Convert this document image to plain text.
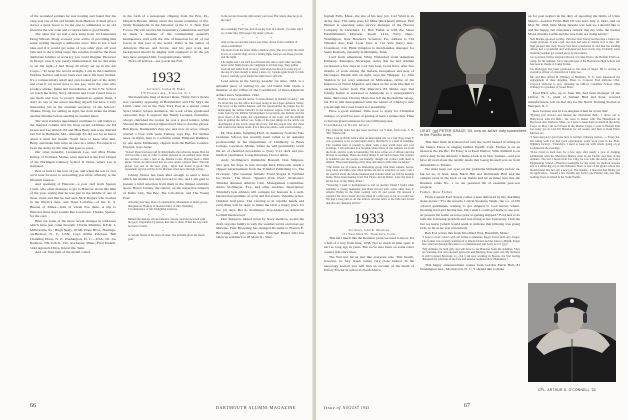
of the wounded soldiers he was treating and found that the chap was one of his old friends from Hudson. It must give a doctor a great boost to be the one to administer to an old friend in the war zone and to restore him to good health.

The other day we had a nice letter from 1st Lieutenant Doug Wilson. Doug accused your scribe of providing him some writing through a deliberate error. This is not a bad idea and if it would get some of you other guys off your tails and to the writing stage this column would be the most deliberate falsifier of accuracy you could imagine. However in Doug's case it was purely unintentional, but he did write to set me right—I had Doug all nicely set up in the Air Corps—"To keep the record straight, I am in the Chemical Warfare Service and have been ever since I'm been drafted. It's a comparatively small and over-looked part of the Army and even if we never have to use gas, we're the ones who produce smoke, flame and incendiaries. At the C.W. School we teach the Army, Navy, Marines and Coast Guard how to use them and how to protect themselves against them. I don't do any of the actual teaching myself but have a very interesting job as the assistant secretary of the School." Thanks, Doug, for setting us right, but don't make me make another mistake before sending us another letter.

The vital statistics department continues to add names to the married column and the most recent additions are Ed Green and Lee Abbott. Ed and Miss Betty Ash were married last fall in Bethesda, Md., although Ed did not let us know about it until last month. You'll have to keep after him, Betty, and make him write us once in a while. Ed expects to be in the Army by the time this goes to press.

Our other benedict, Lieutenant Lee, and Miss Elaine Kelley, of Portland, Maine, were married at the Post Chapel of the Harlingen Gunnery School in Texas, where Lee is stationed.

Best of luck to the four of you, and when the war is over we'll look forward to welcoming you more officially at the fifteenth reunion.

And speaking of Hanover—a post card from Spence Crum, who often manages to get to Hanover about this time of the year, saying that he was just in the middle of one of those visits and that he had seen Nick Rogers who teaches in the Physics dept. and Dave Larrabee—of the U. S. Bureau of Mines—both of whom live there. A trip to Hanover these days sounds like a real treat. Thanks, Spence, for the card.

Here are some of the more recent changes in addresses which have just come through: Charlie Mumma, R.F.D. 1, Millersville, Pa.; Hugh Neely, 20 Mt. Hope Blvd., Hastings-on-Hudson, N. Y., USN; Capt. Rollie Peterson, 800 Channing Place, N. E. Washington, D. C.—USA; Dr. Joe Rushton, 709-11th St. SW., Rochester, Minn.; Fred Tenbell, 1442 Agawela Drive, Knoxville, Tenn.

And our final item of the month comes

in the form of a newspaper clipping from the Erie, Pa., Dispatch-Herald, telling about the recent renaming of Pvt. Wally Rauterkohn in the historian of the U. S. Near East Forces. He will receive his lieutenant's commission and will be made a member of the commanding general's headquarters staff with the title of historian for all of our forces in that part of the world. Wally is the author of American Heroes and Savior, and his past work and background should be mighty well equipped to do the job they have assigned him. Congratulations, Wally.

That's all fellows—see you in the Fall.

1932
Secretary, Carlos H. Baker
178 Prospect Ave., Princeton, N. J.

The handsome mug of Robert Ryan, Thirty-Two's movie star, currently appearing in Bombardier and The Sky's the Limit, came out in the New York Post in a spread called Sport Slants: Screen Audience, the work of the syndicated cartoonist, Pap. It appears that Benny Leonard, fisticuffer, always cherished the notion he was a good tennist, while Vincent Richards always figured he'd like to don the gloves. Bob Ryan, Dartmouth's ring ace, and now an actor, always wanted a bout with Gene Tunney, says Pap. For further news on Ryan, here is a column called Filmland Rambles, by one Anne McIlhenny, clipped from the Buffalo Courier-Express. Says Anne:

"Robert Ryan has been told by RKO Radio that when he makes Bad, he will become a star in order to make pictures as an enlisted man. Ryan has decided to take a turn at the Marine Corps. Having been a RKO Radio clause, he discovered that an actor under contract there. The ball player was one in the new gang... Ryan had found it good. The agreement says he will be in the Marines when he is through acting...

Johnny Notter has been kind enough to send a letter which his mother has sent forward to me, and I am glad to present a brief selection from them in the limited available space. Here's Johnny, the satirist, on the respective subjects of Radio City, The Bee, The Cab-driver, and The Young Poet:

Amazing structure, mass of organization, Monument of man's power, imagination, Bastion of modern mind, of life's bubbling, Circumference of life, Delightful structure.
* * *
Behind the desk he sits and smokes, Steady, and unconcerned with the poor, Ungrateful by reason, that rise to shine, When his way ends he rises to brawl.
*
A curious flower is the taxi-cab man: The problem gives me much pain.
In the sun he blossoms right under your nose, But where does he go in the rain?
* * *
On a sunshiny Fall I lie, And close my eyes in a dream, I wonder why I go on like this, With paper dry under a moon.
* * *
And on the second axis, here's one I like, drawn from a number of other possibilities:
The hours from the latest shade a mellow glow, The air is still, the wind is low, A cowbell rings across a fading light, And we are alone, just me and the night.
The nights and I are such good friends We talk to each other and time never ends; Night hours are compliant to all that I say, They gather from all and whirl from us away; And when the moon is at the top of the sky, It's just enough to make a man cry; I speak again lively, for this I know well My good friend the night never will tell.

Lead article in the Survey Graphic for June, 1943, is a splendid piece of writing by our old friend John Clark, a member of the Office of the Coordinator of Inter-American Affairs since September, 1942.

Stanford Clark calls his article "Caviare-Raiser in Rubber Country," and it's about the job his office has been doing in the Upper Amazon Valley. The story of the rubber hunters, and the opportunities the jungle has for developing the rubber industry in the Amazon region. John tells of the work done by the Rubber Development Corporation, the Indians and the great rivers of the basin, the organization of the work, and the difficult task in getting the rubber out. Some of the best things in the article are descriptions of the towns along the rivers, and the people who live there and work in the rubber lands. It is a first-rate article, well worth reading.

Dr. Dan Allen, fledgling Ph.D. in chemistry from the Yale Graduate School, has recently been called to an assistant professorship in the Department of Chemistry at Bates College, Lewiston, Maine, where he will presumably teach the art of chemical procedures to Navy V-12 deck and pre-medical candidates. Congratulations, Doctor Allen.

Andy Stollmeyer's inimitable Boswell, Don Simpson, who gets his dope in turn through Kirk Ellsworth, sends a clipped advertisement from the Trinidad Publishing Co. The Occasion: "The Greatest Athletic Event Staged in Trinidad for Years." The Place: "Queen's Park Oval." Promoters: Trinidad Amateur Athletic Club. Management Committee: Andre Stollmeyer, Esq., and other notables. Description: Trinidad's best athletes will compete for honours in a well-balanced programme of cycle and flat events. Valuable prizes. Children half-price. The catering is in capable hands and everything will be done to make the Oval a happy place for two (2) days. Bet A. Stollmeyer drop-kicked an American football barehooved.

Don Simpson, turned down by Navy medicos, awaits the draft, says the family is well, the weather torrid, and taxes are likewise. Fritz Browning has changed his name to Francis E. Browning—old pals please note. Principal Buster falls has taken up residence at 48 Main St., Shel-

66	DARTMOUTH ALUMNI MAGAZINE

Ingram Falls, Mass., the site of his new job. Carl Ward is an Army Jeep. The same goes for Mike (Red-head) Allison. Bob Hansen is operating sales service manager of the Hoover Company in Cleveland. Lt. Bob Fisher is with the Shore Establishments Division, Room 1414, Navy Dept., Washington. Nate Hawker's Scranton, Pa., address is 314 Wheeler Ave. Paul Cook lives at 712 Yale (hey!) Ave., Claremont, Cal. Hank Kingdon is merchandise manager for Sears Roebuck, currently in Memphis, Tenn.

Card from ubiquitous Whip Walterdorf from American Embassy, Managua, Nicaragua, states that he and Adeline vacationed a few days in cool San José, Costa Rica, after five months of work among the malaria mosquitoes and heat of Nicaragua. Health still all right, says the Whipper. Lt. John Sheldon is (or was) stationed in Milwaukee, office of the Inspector of Naval Material, and takes us the work like him to ourselves. Letter from Wat Ritaccio's Ed Marks says that Johnny Keller is stationed at Annapolis as a stenographer's mate, third class. Charley Marts has left the Rockefeller set-up, but Ed is still unacquainted with the nature of Charley's new job, though the Coast Guard is a possibility.

Have a good summer. Time now to apply for Christmas turkeys, so you'll be sure of getting at least a guinea hen. Time to harvest green tomatoes for piccalilli purposes.

Classmates in North Africa

The following letter has just been received, via V-mail, from Capt. S. B. "Bo" Wentworth:
"Here I am in North Africa after an uneventful trip on a fast Navy liner. It was a pleasure to be on land again and to find that it is a land of sunshine. The weather here at present is ideal, with a few warm days and cool evenings. I am stationed at a hospital where most of the patients are from the front, and the work is interesting. We have a fine set of officers and the morale is excellent. There are many things to see and do here. The country is beautiful and the people are friendly, though our contact with them is limited. Have been keeping pretty busy and there is little time for letters."
"The Arabs are of course an interesting group with their camels, burros, long robes and little caps. Their homes are not as attractive as ours. I am a bit worried about the whole business and wonder when we will be heading home. Have been hearing from Ted Pierce and Al Reiter. Give my best to all the boys of the Thirty-Third."
"Yesterday I went to headquarters to call on another friend I found when suddenly a young lieutenant and Buzz moved past—none other than F. Alberto Bolles in the flesh looking very fit and proud. He showed a captain's bar and a dozen and one thing in a little way as far as I could see. We had a long talk of all the fellows and the news is the bills and forced marches are changing all that."
1933
Secretary, John K. Morrison
111 West Main St., Waterbury, Conn.

This isn't much like the Reunion years we used to know. It's a hell of a way from June, 1938. Not so much in time span. It isn't so long ago in years. But we've sure been on some roller coaster ride since then.

The War has hit us just like everyone else. This month, however, its fury brush comes very close indeed. In the necrology section you will find an account of the death of Emory Fowler in action in North Africa.

LIEUT. (jg) PETER GRACE '33, now on active duty somewhere in the Pacific area.

This June finds us scattered all over the world instead of sitting on the Senior Fence or singing behind Topliff. Capt. Farmer is on an island in the Pacific; Ed Foley is at Pearl Harbor; Whit Kimball is on active duty in the Atlantic; Charlie Clark is in New Guinea—and you have all read about the terrific deeds that Georg Kronell was on from Alexandria to Tunisia.

We must keep our eyes on the problems immediately before us, but let us, at least, keep Balch Hill and Dartmouth Hall and the campus close in the back of our minds and let us make sure that the Reunion ranks No. 1 on our personal list of essential post-war projects.

Father, Dear Father

From Captain Ford Steyer comes a note delivered by his charming sister-in-law: "For the records, I am in Spokane, Wash., the c.o. of 250 colored gentlemen, waiting to get shipped to God knows where. Working hard and having fun, but I wish I could get home to see you. At present I'm home on leave prior to getting shipped." Ford had to do with the following problem and was living at the University Club the last we knew (which would seem to indicate that billeting was going O.K. as far as he was concerned).

Bob Fox writes this from Woodland Way, Haverhill, Mass.:

"I hope to close contact with our former roommates, Roger Sweet and Larry Jorgen. The former was recently transferred to Rhode Island and the latter to Miami. Roger has come just through the ranks to a commissioned and Larry is a Lt. (jg)."
"My children are both girls and will have to see Hanover from the sidelines. They are Suzanne, four and one-half years old, and Barbara, three years old. My business is still Colonial Beverage Co., but I am now working in Boston, the War having disrupted my activities in the Post and interior Southern New Hampshire."

This happy announcement comes from Gordon Ferris Hall, 81 Washington Ave., Morristown, N. J.: "I should like to make

up for past neglect in the duty of reporting the births of Clare Sisters—Gordon Ferris Hull III was born July 4, 1941, and on May 30, 1943, little Mona Jerusha was sent us. I should like to add the happy, but customary remark that my wife, the former Mona Jerusha Carlin and the wee babe are doing nicely."

Neil Mackie reported on May 15th that Jack Tracey had become a father two weeks previous. It was a girl, but Jack had sent no details of it to me... Mr. Neil phoned that Jack Tracey had been transferred in and that the sending officer had a wonderful and well-deserved deal on his way. Probably some returning seaman got carried away by the rumors.
Joe Lovelace will be assistant director of Camp Waroc, the Buffalo Y.M.C.A. camp, for the summer. Joe is the principal of the Hornbrook High School and has been in charge of Camp Turner.
Joe DeAngelo has been promoted to the rank of major. He is serving as executive officer of a battalion at Camp Lee.
Mr. and Mrs. Alfred H. Whitney of Herkimer, N. Y., have announced the engagement of their daughter, Ellen, to Corporal Fred Osborne USA. Corporal Osborne is now attending an Officer Candidate School. Miss Whitney is a graduate of Sweet Briar.

Fred Hird, who, up to June 9th, had been manager of the Clifton, N. J., plant of Samuel Hird and Sons, worsted manufacturers, left on that day for the Naval Training Station at Newport, R. I.

Ken Jacques was in Los Angeles when he wrote this:

"Having just arrived and missed the Mortuarial Ball... I drove out to Hollywood with Ed Bell... We went to dinner with The Hasselbeds on Heywood Ave, Melrose, Mass., so I have to keep them as much in the Army Corps on May 11th as I'd been in the Marine Corps. I went to Hawaii Park Joe today got in Carl-Jill Sheraton for six weeks, and then to Kent Field, Merced, etc.
"I have enjoyed a good year here at another ordnance station—... Every Sat. I'm eating well. I've had good experiences, some were even in the Pratt-Whitney factory... Thursday's I used to keep up with what's going on at Lockheed in the evenings.
"Dave Cruxt is back here for a few days after nearly a year of dodging submarines with the Merchant Marine done in the Pacific and then in the Atlantic. The last I heard from Joe Lilly, he was with the Army Air Corps Engineering School... Harold is ineligible for the Army for medical reasons and is a lifesaving cop at the Ordnance Plant. A tour of his glider school last month found that he's got a new job. The tenants... I heard he had finally got an application... I heard a few months ago from Cope Farmer who was then holding down an island in the South Pacific.
CPL. ARTHUR D. O'CONNELL '33
Issue of AUGUST 1943	67
